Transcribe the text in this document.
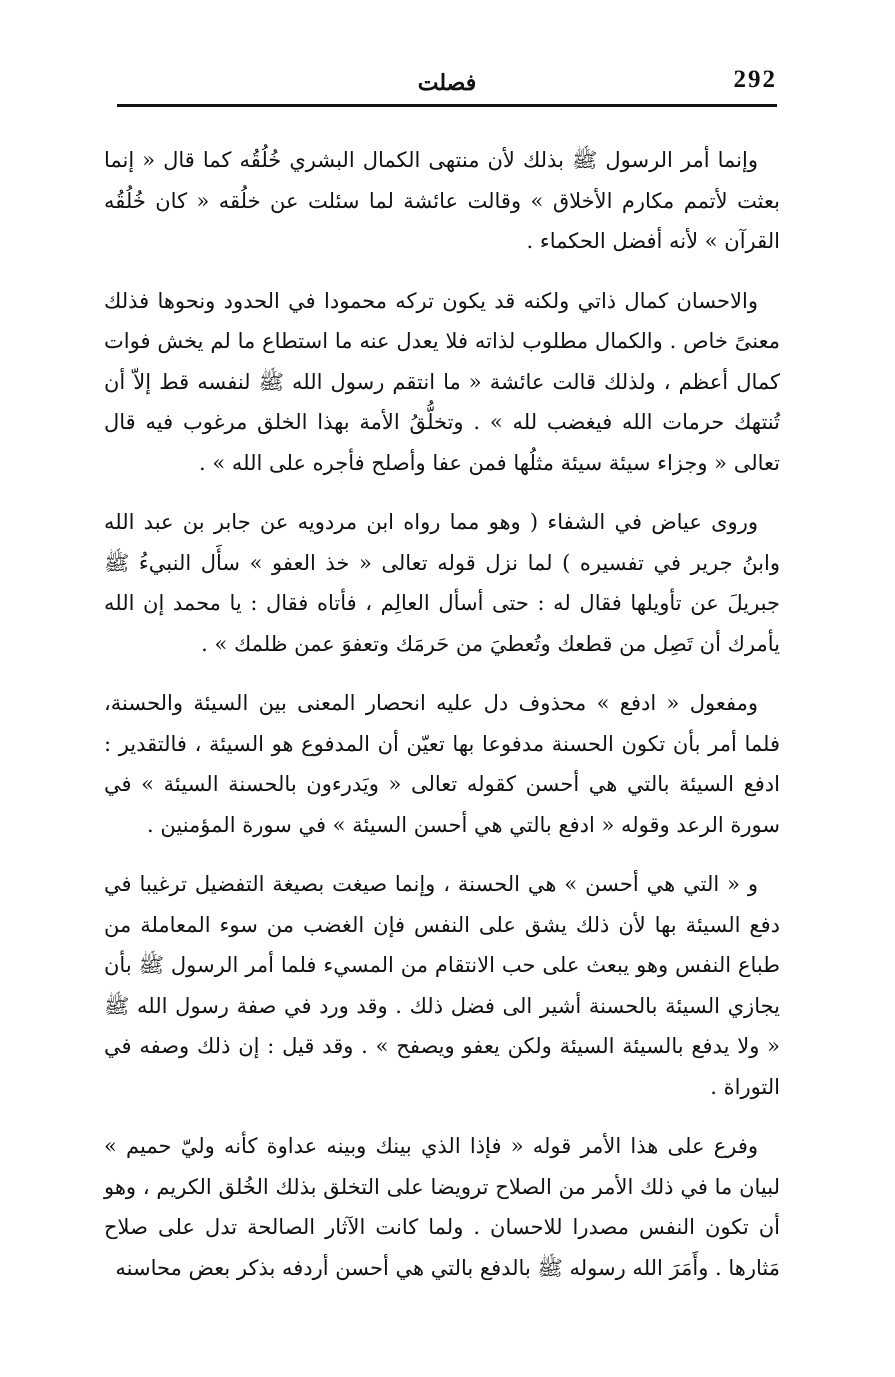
292
فصلت

وإنما أمر الرسول ﷺ بذلك لأن منتهى الكمال البشري خُلُقُه كما قال « إنما بعثت لأتمم مكارم الأخلاق » وقالت عائشة لما سئلت عن خلُقه « كان خُلُقُه القرآن » لأنه أفضل الحكماء .

والاحسان كمال ذاتي ولكنه قد يكون تركه محمودا في الحدود ونحوها فذلك معنىً خاص . والكمال مطلوب لذاته فلا يعدل عنه ما استطاع ما لم يخش فوات كمال أعظم ، ولذلك قالت عائشة « ما انتقم رسول الله ﷺ لنفسه قط إلاّ أن تُنتهك حرمات الله فيغضب لله » . وتخلُّقُ الأمة بهذا الخلق مرغوب فيه قال تعالى « وجزاء سيئة سيئة مثلُها فمن عفا وأصلح فأجره على الله » .

وروى عياض في الشفاء ( وهو مما رواه ابن مردويه عن جابر بن عبد الله وابنُ جرير في تفسيره ) لما نزل قوله تعالى « خذ العفو » سأَل النبيءُ ﷺ جبريلَ عن تأويلها فقال له : حتى أسأل العالِم ، فأتاه فقال : يا محمد إن الله يأمرك أن تَصِل من قطعك وتُعطيَ من حَرمَك وتعفوَ عمن ظلمك » .

ومفعول « ادفع » محذوف دل عليه انحصار المعنى بين السيئة والحسنة، فلما أمر بأن تكون الحسنة مدفوعا بها تعيّن أن المدفوع هو السيئة ، فالتقدير : ادفع السيئة بالتي هي أحسن كقوله تعالى « ويَدرءون بالحسنة السيئة » في سورة الرعد وقوله « ادفع بالتي هي أحسن السيئة » في سورة المؤمنين .

و « التي هي أحسن » هي الحسنة ، وإنما صيغت بصيغة التفضيل ترغيبا في دفع السيئة بها لأن ذلك يشق على النفس فإن الغضب من سوء المعاملة من طباع النفس وهو يبعث على حب الانتقام من المسيء فلما أمر الرسول ﷺ بأن يجازي السيئة بالحسنة أشير الى فضل ذلك . وقد ورد في صفة رسول الله ﷺ « ولا يدفع بالسيئة السيئة ولكن يعفو ويصفح » . وقد قيل : إن ذلك وصفه في التوراة .

وفرع على هذا الأمر قوله « فإذا الذي بينك وبينه عداوة كأنه وليّ حميم » لبيان ما في ذلك الأمر من الصلاح ترويضا على التخلق بذلك الخُلق الكريم ، وهو أن تكون النفس مصدرا للاحسان . ولما كانت الآثار الصالحة تدل على صلاح مَثارها . وأَمَرَ الله رسوله ﷺ بالدفع بالتي هي أحسن أردفه بذكر بعض محاسنه
